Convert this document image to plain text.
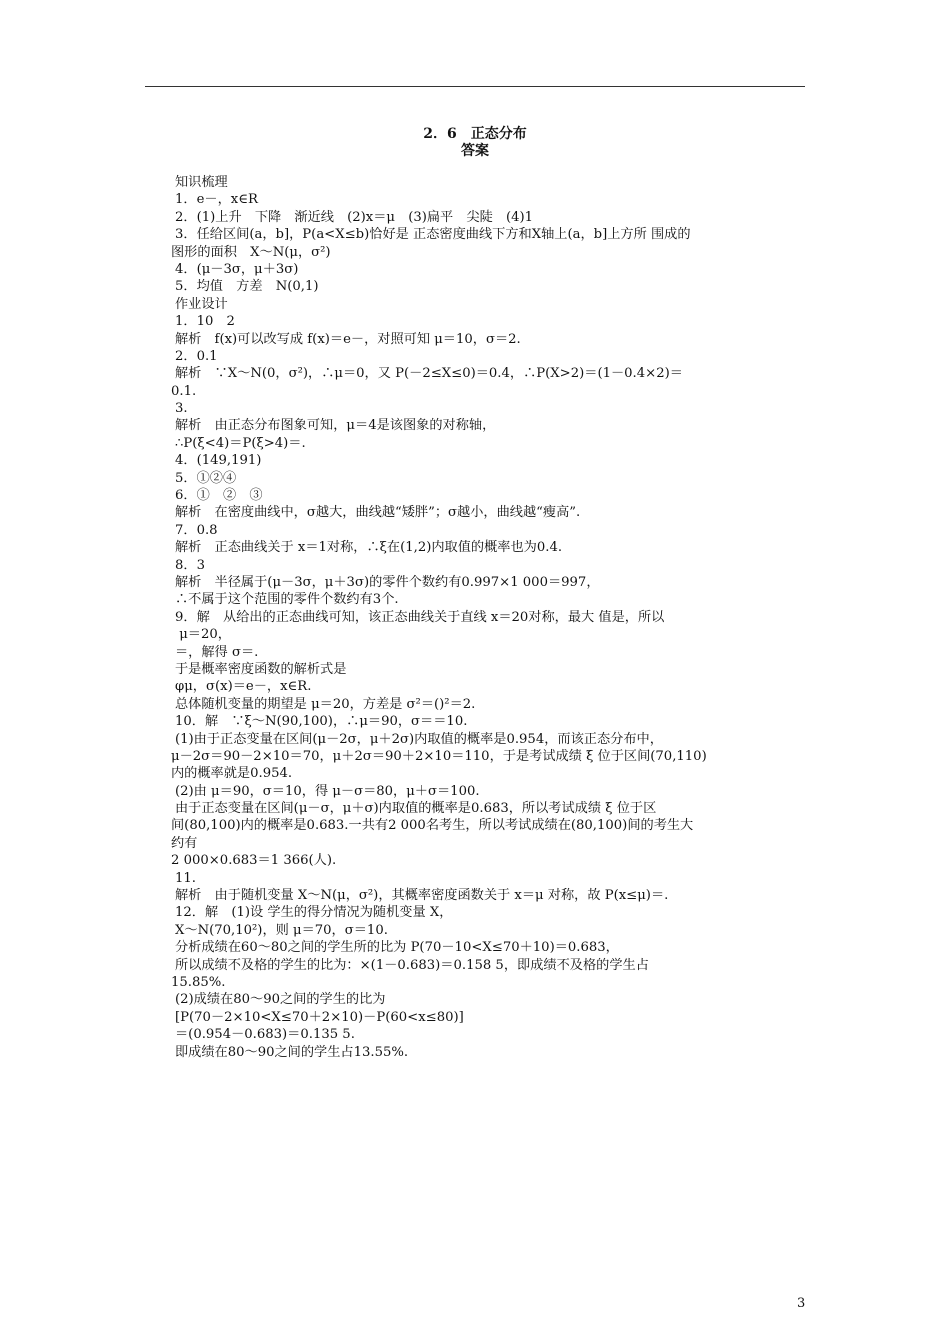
2．6　正态分布
答案
知识梳理
1．e－，x∈R
2．(1)上升　下降　渐近线　(2)x＝μ　(3)扁平　尖陡　(4)1
3．任给区间(a，b]，P(a<X≤b)恰好是 正态密度曲线下方和X轴上(a，b]上方所 围成的
图形的面积　X～N(μ，σ²)
4．(μ－3σ，μ＋3σ)
5．均值　方差　N(0,1)
作业设计
1．10　2
解析　f(x)可以改写成 f(x)＝e－，对照可知 μ＝10，σ＝2.
2．0.1
解析　∵X～N(0，σ²)，∴μ＝0，又 P(－2≤X≤0)＝0.4，∴P(X>2)＝(1－0.4×2)＝
0.1.
3.
解析　由正态分布图象可知，μ＝4是该图象的对称轴，
∴P(ξ<4)＝P(ξ>4)＝.
4．(149,191)
5．①②④
6．①　②　③
解析　在密度曲线中，σ越大，曲线越“矮胖”；σ越小，曲线越“瘦高”.
7．0.8
解析　正态曲线关于 x＝1对称，∴ξ在(1,2)内取值的概率也为0.4.
8．3
解析　半径属于(μ－3σ，μ＋3σ)的零件个数约有0.997×1 000＝997，
∴不属于这个范围的零件个数约有3个.
9．解　从给出的正态曲线可知，该正态曲线关于直线 x＝20对称，最大 值是，所以
μ＝20，
＝，解得 σ＝.
于是概率密度函数的解析式是
φμ，σ(x)＝e－，x∈R.
总体随机变量的期望是 μ＝20，方差是 σ²＝()²＝2.
10．解　∵ξ～N(90,100)，∴μ＝90，σ＝＝10.
(1)由于正态变量在区间(μ－2σ，μ＋2σ)内取值的概率是0.954，而该正态分布中，
μ－2σ＝90－2×10＝70，μ＋2σ＝90＋2×10＝110，于是考试成绩 ξ 位于区间(70,110)
内的概率就是0.954.
(2)由 μ＝90，σ＝10，得 μ－σ＝80，μ＋σ＝100.
由于正态变量在区间(μ－σ，μ＋σ)内取值的概率是0.683，所以考试成绩 ξ 位于区
间(80,100)内的概率是0.683.一共有2 000名考生，所以考试成绩在(80,100)间的考生大
约有
2 000×0.683＝1 366(人).
11.
解析　由于随机变量 X～N(μ，σ²)，其概率密度函数关于 x＝μ 对称，故 P(x≤μ)＝.
12．解　(1)设 学生的得分情况为随机变量 X，
X～N(70,10²)，则 μ＝70，σ＝10.
分析成绩在60～80之间的学生所的比为 P(70－10<X≤70＋10)＝0.683，
所以成绩不及格的学生的比为：×(1－0.683)＝0.158 5，即成绩不及格的学生占
15.85%.
(2)成绩在80～90之间的学生的比为
[P(70－2×10<X≤70＋2×10)－P(60<x≤80)]
＝(0.954－0.683)＝0.135 5.
即成绩在80～90之间的学生占13.55%.
3
